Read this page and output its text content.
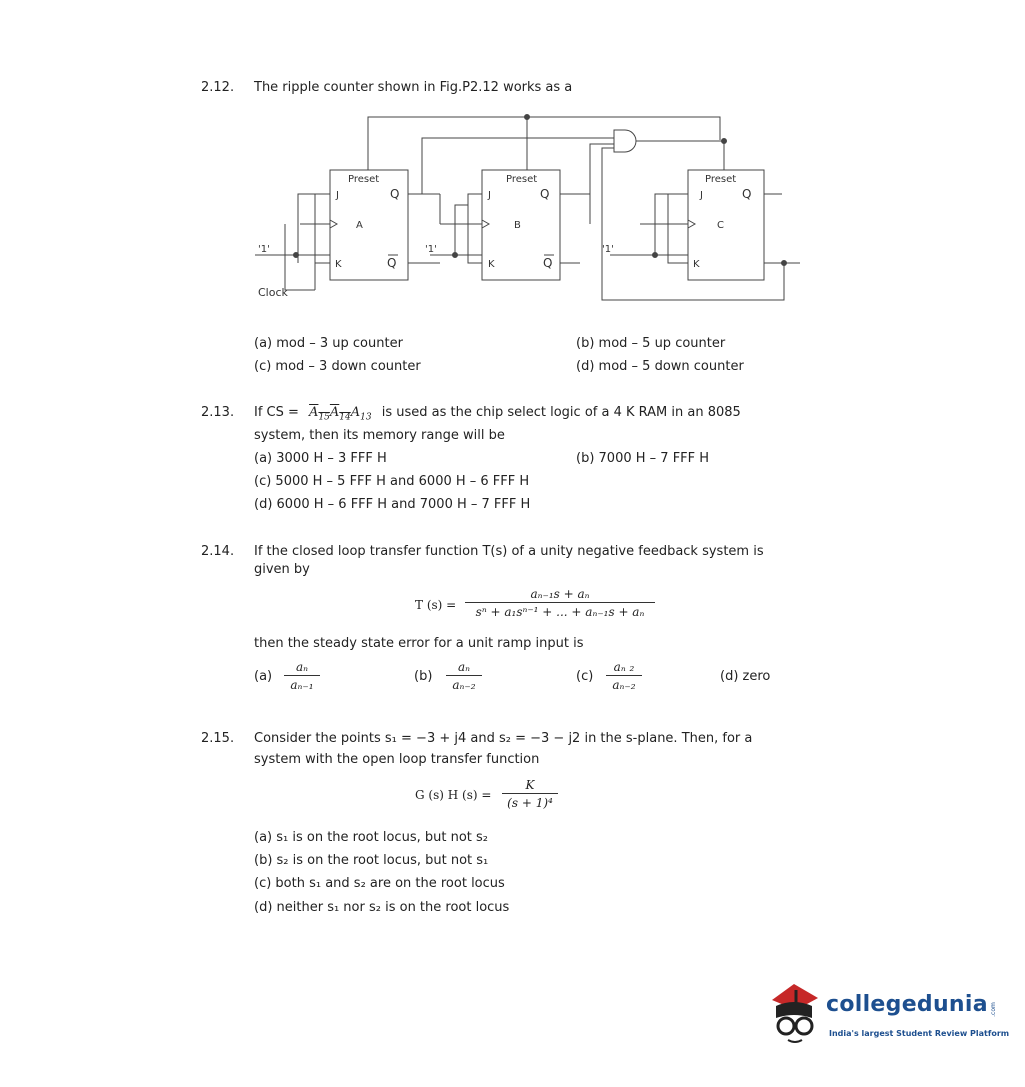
2.12. The ripple counter shown in Fig.P2.12 works as a
Preset
J	Q
A
K	Q
Preset
J	Q
B
K	Q
Preset
J	Q
C
K
'1'	'1'	'1'
Clock
(a) mod – 3 up counter	(b) mod – 5 up counter
(c) mod – 3 down counter	(d) mod – 5 down counter
2.13. If CS = $A_{15}A_{14}A_{13}$ is used as the chip select logic of a 4 K RAM in an 8085
system, then its memory range will be
(a) 3000 H – 3 FFF H	(b) 7000 H – 7 FFF H
(c) 5000 H – 5 FFF H and 6000 H – 6 FFF H
(d) 6000 H – 6 FFF H and 7000 H – 7 FFF H
2.14. If the closed loop transfer function T(s) of a unity negative feedback system is
given by
T $(s) = \frac{\text{aₙ₋₁s + aₙ}}{\text{sⁿ + a₁sⁿ⁻¹ + ... + aₙ₋₁s + aₙ}}$
then the steady state error for a unit ramp input is
$(a) \frac{\text{aₙ}}{\text{aₙ₋₁}}$	$(b) \frac{\text{aₙ}}{\text{aₙ₋₂}}$	$(c) \frac{\text{aₙ ₂}}{\text{aₙ₋₂}}$	(d) zero
2.15. Consider the points s₁ = −3 + j4 and s₂ = −3 − j2 in the s-plane. Then, for a
system with the open loop transfer function
G (s) H $(s) = \frac{K}{\text{(s + 1)⁴}}$
(a) s₁ is on the root locus, but not s₂
(b) s₂ is on the root locus, but not s₁
(c) both s₁ and s₂ are on the root locus
(d) neither s₁ nor s₂ is on the root locus
collegedunia .com
India's largest Student Review Platform
